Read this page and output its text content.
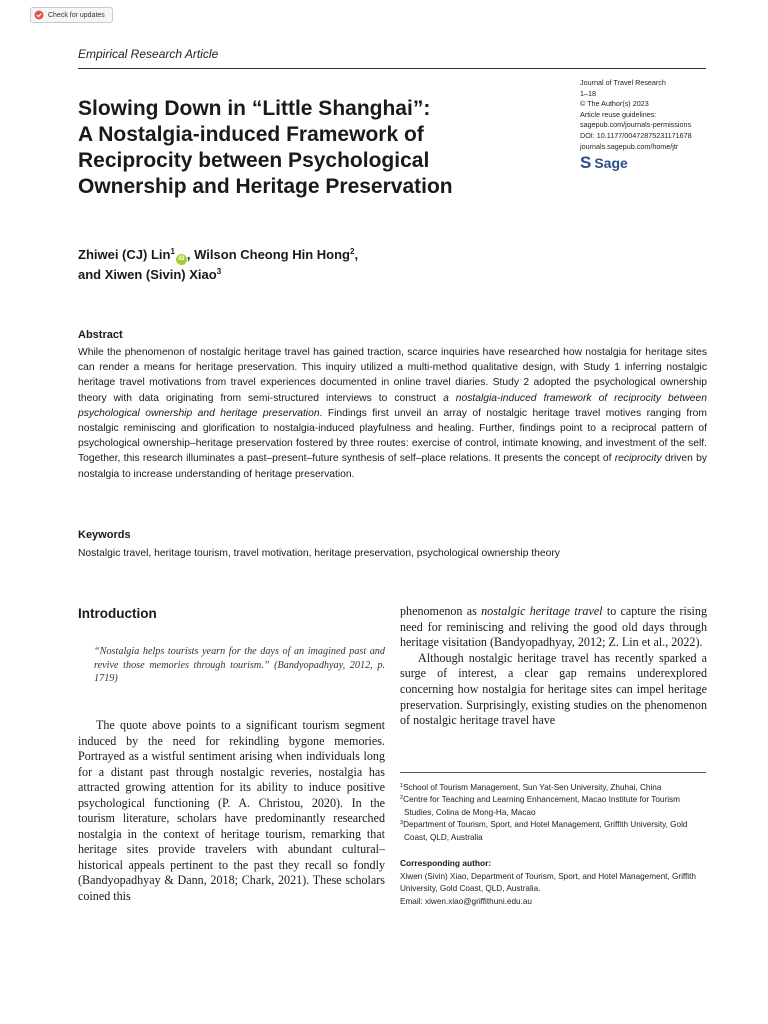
Check for updates
Empirical Research Article
Slowing Down in “Little Shanghai”:
A Nostalgia-induced Framework of
Reciprocity between Psychological
Ownership and Heritage Preservation
Journal of Travel Research
1–18
© The Author(s) 2023
Article reuse guidelines:
sagepub.com/journals-permissions
DOI: 10.1177/00472875231171678
journals.sagepub.com/home/jtr
S Sage
Zhiwei (CJ) Lin$^1$iD , Wilson Cheong Hin Hong$^2$,
and Xiwen (Sivin) Xiao$^3$
Abstract
While the phenomenon of nostalgic heritage travel has gained traction, scarce inquiries have researched how nostalgia for heritage sites can render a means for heritage preservation. This inquiry utilized a multi-method qualitative design, with Study 1 inferring nostalgic heritage travel motivations from travel experiences documented in online travel diaries. Study 2 adopted the psychological ownership theory with data originating from semi-structured interviews to construct a nostalgia-induced framework of reciprocity between psychological ownership and heritage preservation. Findings first unveil an array of nostalgic heritage travel motives ranging from nostalgic reminiscing and glorification to nostalgia-induced playfulness and healing. Further, findings point to a reciprocal pattern of psychological ownership–heritage preservation fostered by three routes: exercise of control, intimate knowing, and investment of the self. Together, this research illuminates a past–present–future synthesis of self–place relations. It presents the concept of reciprocity driven by nostalgia to increase understanding of heritage preservation.
Keywords
Nostalgic travel, heritage tourism, travel motivation, heritage preservation, psychological ownership theory
Introduction
“Nostalgia helps tourists yearn for the days of an imagined past and revive those memories through tourism.” (Bandyopadhyay, 2012, p. 1719)

The quote above points to a significant tourism segment induced by the need for rekindling bygone memories. Portrayed as a wistful sentiment arising when individuals long for a distant past through nostalgic reveries, nostalgia has attracted growing attention for its ability to induce positive psychological functioning (P. A. Christou, 2020). In the tourism literature, scholars have predominantly researched nostalgia in the context of heritage tourism, remarking that heritage sites provide travelers with abundant cultural–historical appeals pertinent to the past they recall so fondly (Bandyopadhyay & Dann, 2018; Chark, 2021). These scholars coined this

phenomenon as nostalgic heritage travel to capture the rising need for reminiscing and reliving the good old days through heritage visitation (Bandyopadhyay, 2012; Z. Lin et al., 2022).

Although nostalgic heritage travel has recently sparked a surge of interest, a clear gap remains underexplored concerning how nostalgia for heritage sites can impel heritage preservation. Surprisingly, existing studies on the phenomenon of nostalgic heritage travel have

$^1$School of Tourism Management, Sun Yat-Sen University, Zhuhai, China
$^2$Centre for Teaching and Learning Enhancement, Macao Institute for Tourism Studies, Colina de Mong-Ha, Macao
$^3$Department of Tourism, Sport, and Hotel Management, Griffith University, Gold Coast, QLD, Australia
Corresponding author:
Xiwen (Sivin) Xiao, Department of Tourism, Sport, and Hotel Management, Griffith University, Gold Coast, QLD, Australia.
Email: xiwen.xiao@griffithuni.edu.au
